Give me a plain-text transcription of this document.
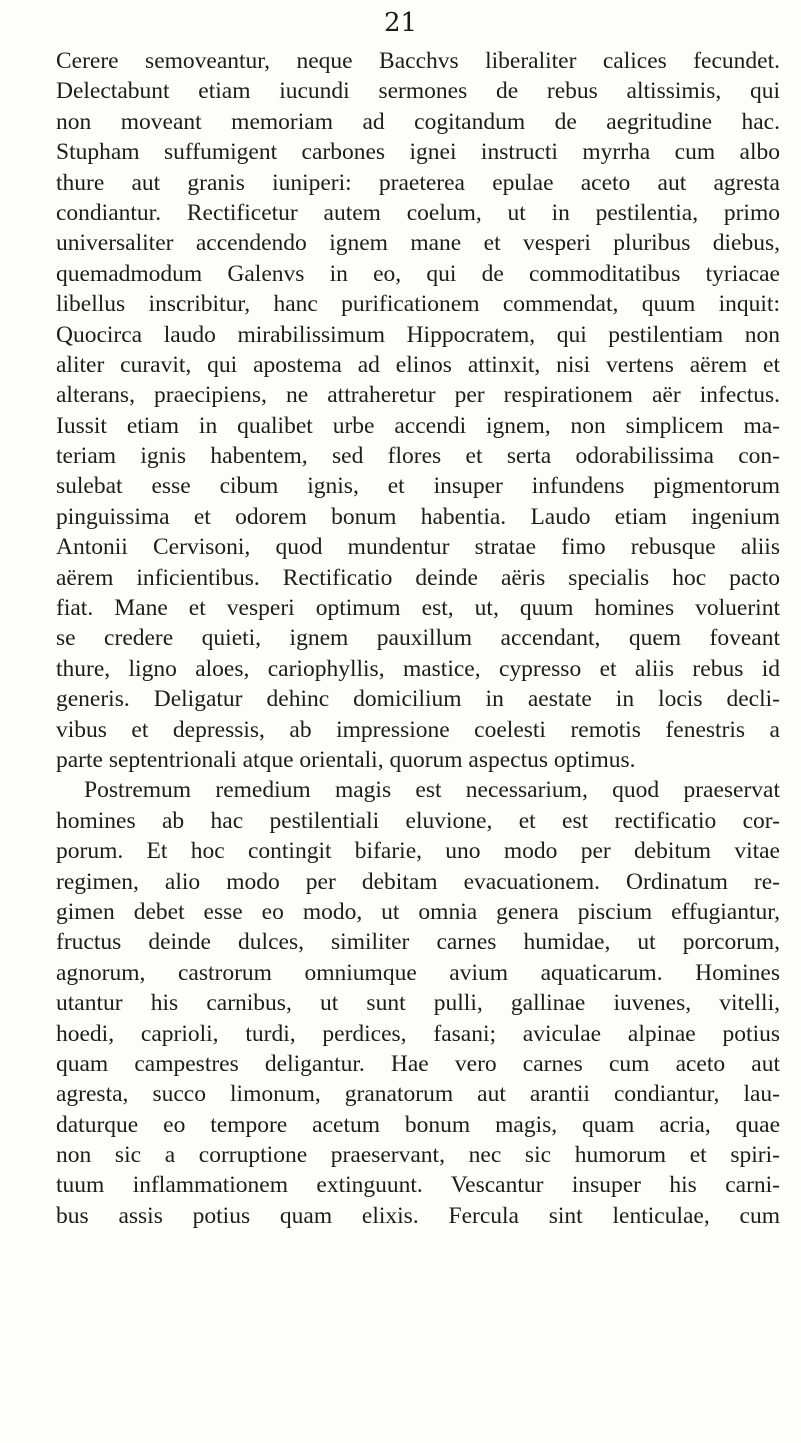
21
Cerere semoveantur, neque Bacchvs liberaliter calices fecundet.
Delectabunt etiam iucundi sermones de rebus altissimis, qui
non moveant memoriam ad cogitandum de aegritudine hac.
Stupham suffumigent carbones ignei instructi myrrha cum albo
thure aut granis iuniperi: praeterea epulae aceto aut agresta
condiantur. Rectificetur autem coelum, ut in pestilentia, primo
universaliter accendendo ignem mane et vesperi pluribus diebus,
quemadmodum Galenvs in eo, qui de commoditatibus tyriacae
libellus inscribitur, hanc purificationem commendat, quum inquit:
Quocirca laudo mirabilissimum Hippocratem, qui pestilentiam non
aliter curavit, qui apostema ad elinos attinxit, nisi vertens aërem et
alterans, praecipiens, ne attraheretur per respirationem aër infectus.
Iussit etiam in qualibet urbe accendi ignem, non simplicem ma-
teriam ignis habentem, sed flores et serta odorabilissima con-
sulebat esse cibum ignis, et insuper infundens pigmentorum
pinguissima et odorem bonum habentia. Laudo etiam ingenium
Antonii Cervisoni, quod mundentur stratae fimo rebusque aliis
aërem inficientibus. Rectificatio deinde aëris specialis hoc pacto
fiat. Mane et vesperi optimum est, ut, quum homines voluerint
se credere quieti, ignem pauxillum accendant, quem foveant
thure, ligno aloes, cariophyllis, mastice, cypresso et aliis rebus id
generis. Deligatur dehinc domicilium in aestate in locis decli-
vibus et depressis, ab impressione coelesti remotis fenestris a
parte septentrionali atque orientali, quorum aspectus optimus.
Postremum remedium magis est necessarium, quod praeservat
homines ab hac pestilentiali eluvione, et est rectificatio cor-
porum. Et hoc contingit bifarie, uno modo per debitum vitae
regimen, alio modo per debitam evacuationem. Ordinatum re-
gimen debet esse eo modo, ut omnia genera piscium effugiantur,
fructus deinde dulces, similiter carnes humidae, ut porcorum,
agnorum, castrorum omniumque avium aquaticarum. Homines
utantur his carnibus, ut sunt pulli, gallinae iuvenes, vitelli,
hoedi, caprioli, turdi, perdices, fasani; aviculae alpinae potius
quam campestres deligantur. Hae vero carnes cum aceto aut
agresta, succo limonum, granatorum aut arantii condiantur, lau-
daturque eo tempore acetum bonum magis, quam acria, quae
non sic a corruptione praeservant, nec sic humorum et spiri-
tuum inflammationem extinguunt. Vescantur insuper his carni-
bus assis potius quam elixis. Fercula sint lenticulae, cum
